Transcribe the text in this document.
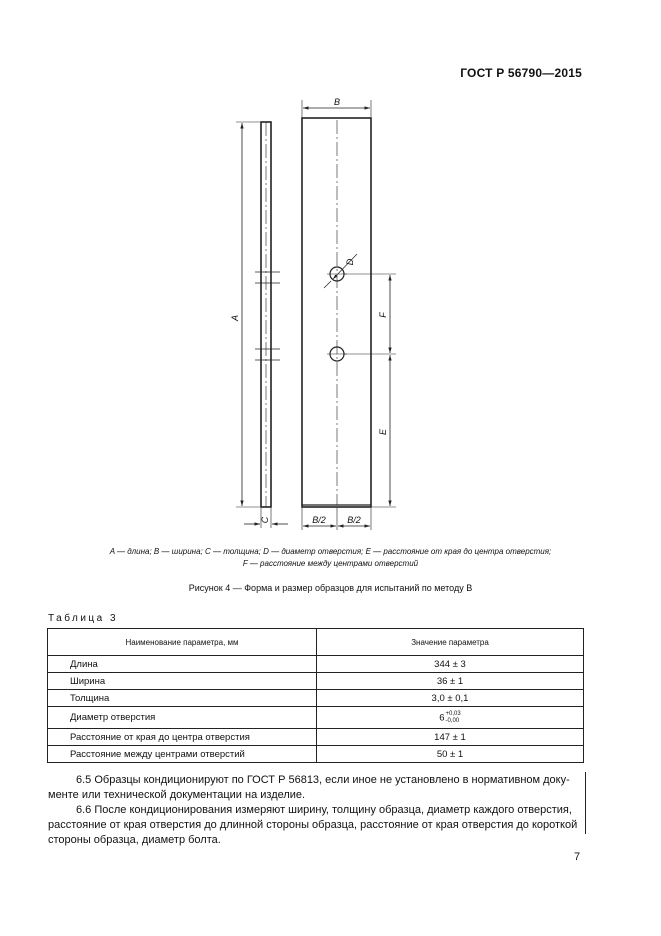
ГОСТ Р 56790—2015
B
A
C
D
F
E
B/2 B/2
A — длина; B — ширина; C — толщина; D — диаметр отверстия; E — расстояние от края до центра отверстия;
F — расстояние между центрами отверстий
Рисунок 4 — Форма и размер образцов для испытаний по методу B
Таблица 3
Наименование параметра, мм	Значение параметра
Длина	344 ± 3
Ширина	36 ± 1
Толщина	3,0 ± 0,1
Диаметр отверстия	6+0,03
-0,00
Расстояние от края до центра отверстия	147 ± 1
Расстояние между центрами отверстий	50 ± 1
6.5 Образцы кондиционируют по ГОСТ Р 56813, если иное не установлено в нормативном доку-
менте или технической документации на изделие.
6.6 После кондиционирования измеряют ширину, толщину образца, диаметр каждого отверстия,
расстояние от края отверстия до длинной стороны образца, расстояние от края отверстия до короткой
стороны образца, диаметр болта.
7
